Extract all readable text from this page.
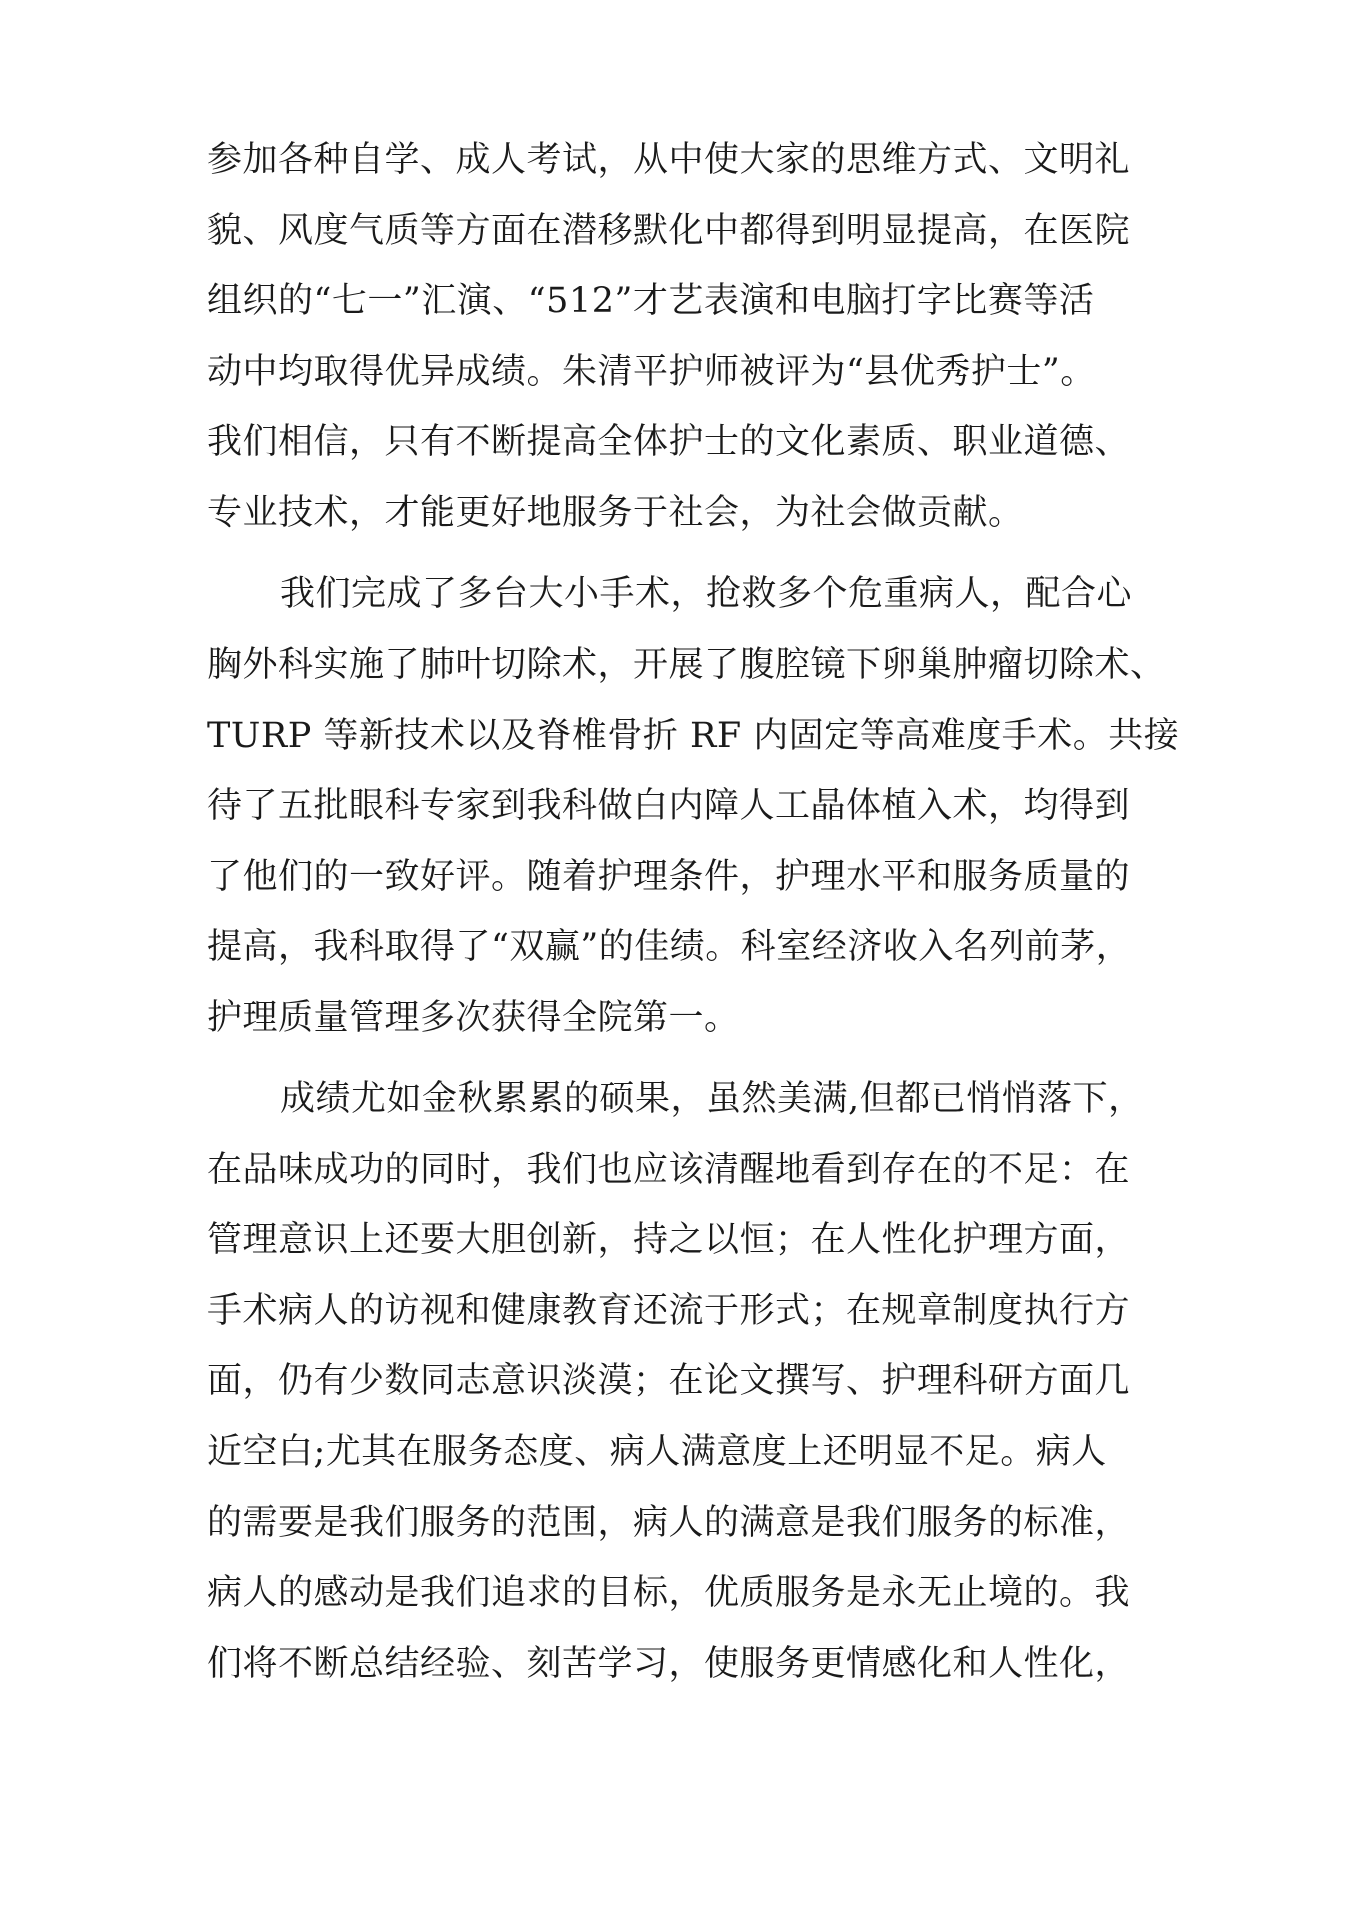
参加各种自学、成人考试，从中使大家的思维方式、文明礼
貌、风度气质等方面在潜移默化中都得到明显提高，在医院
组织的“七一”汇演、“512”才艺表演和电脑打字比赛等活
动中均取得优异成绩。朱清平护师被评为“县优秀护士”。
我们相信，只有不断提高全体护士的文化素质、职业道德、
专业技术，才能更好地服务于社会，为社会做贡献。
我们完成了多台大小手术，抢救多个危重病人，配合心
胸外科实施了肺叶切除术，开展了腹腔镜下卵巢肿瘤切除术、
TURP 等新技术以及脊椎骨折 RF 内固定等高难度手术。共接
待了五批眼科专家到我科做白内障人工晶体植入术，均得到
了他们的一致好评。随着护理条件，护理水平和服务质量的
提高，我科取得了“双赢”的佳绩。科室经济收入名列前茅，
护理质量管理多次获得全院第一。
成绩尤如金秋累累的硕果，虽然美满,但都已悄悄落下，
在品味成功的同时，我们也应该清醒地看到存在的不足：在
管理意识上还要大胆创新，持之以恒；在人性化护理方面，
手术病人的访视和健康教育还流于形式；在规章制度执行方
面，仍有少数同志意识淡漠；在论文撰写、护理科研方面几
近空白;尤其在服务态度、病人满意度上还明显不足。病人
的需要是我们服务的范围，病人的满意是我们服务的标准，
病人的感动是我们追求的目标，优质服务是永无止境的。我
们将不断总结经验、刻苦学习，使服务更情感化和人性化，
